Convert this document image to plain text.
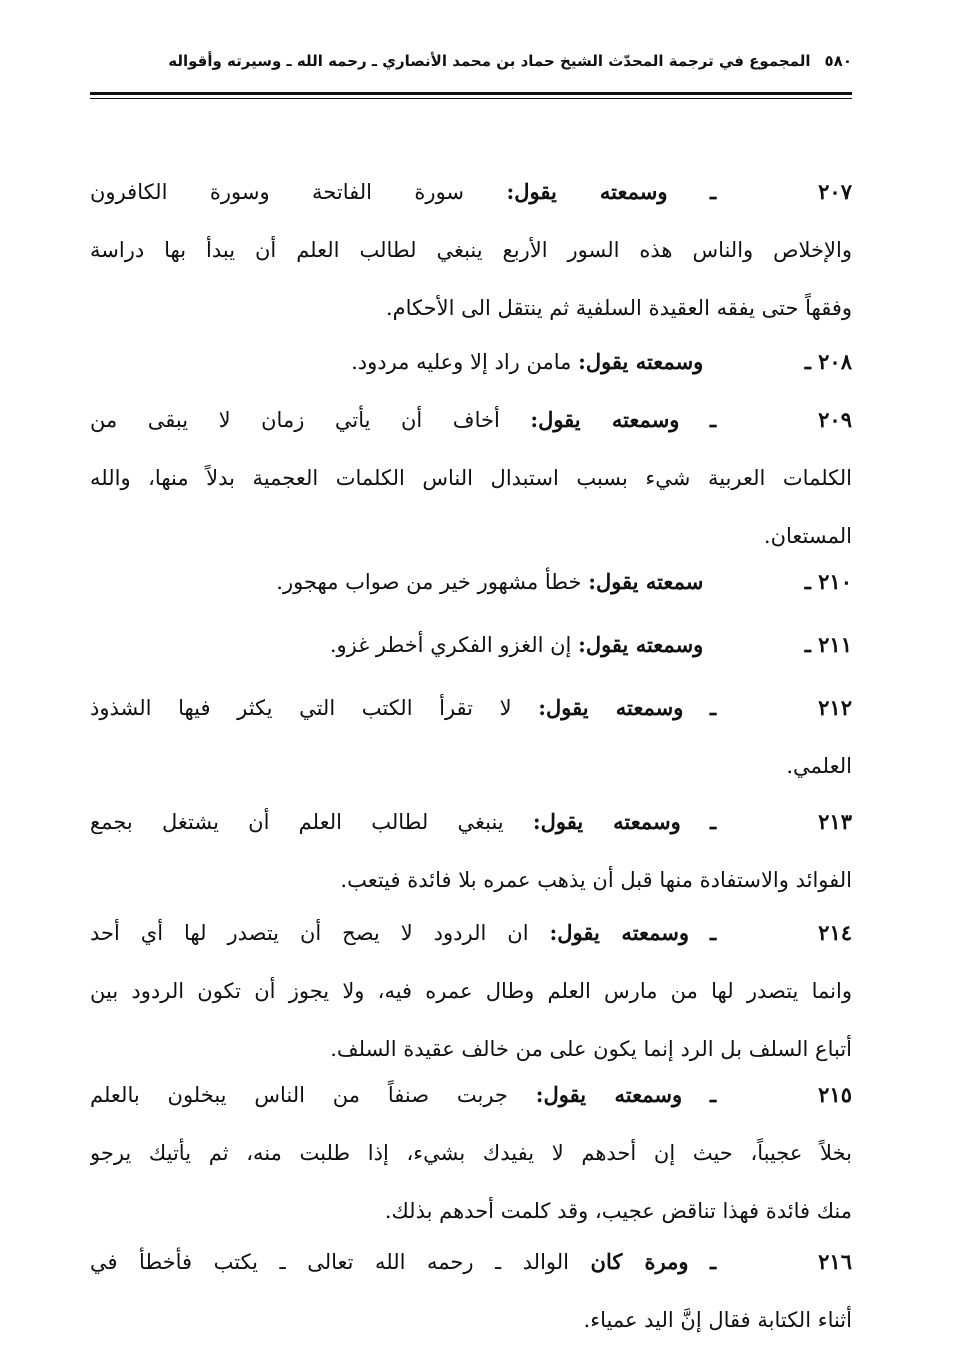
٥٨٠
المجموع في ترجمة المحدّث الشيخ حماد بن محمد الأنصاري ـ رحمه الله ـ وسيرته وأقواله
٢٠٧ ـ وسمعته يقول: سورة الفاتحة وسورة الكافرون
والإخلاص والناس هذه السور الأربع ينبغي لطالب العلم أن يبدأ بها دراسة
وفقهاً حتى يفقه العقيدة السلفية ثم ينتقل الى الأحكام.
٢٠٨ ـ وسمعته يقول: مامن راد إلا وعليه مردود.
٢٠٩ ـ وسمعته يقول: أخاف أن يأتي زمان لا يبقى من
الكلمات العربية شيء بسبب استبدال الناس الكلمات العجمية بدلاً منها، والله
المستعان.
٢١٠ ـ سمعته يقول: خطأ مشهور خير من صواب مهجور.
٢١١ ـ وسمعته يقول: إن الغزو الفكري أخطر غزو.
٢١٢ ـ وسمعته يقول: لا تقرأ الكتب التي يكثر فيها الشذوذ
العلمي.
٢١٣ ـ وسمعته يقول: ينبغي لطالب العلم أن يشتغل بجمع
الفوائد والاستفادة منها قبل أن يذهب عمره بلا فائدة فيتعب.
٢١٤ ـ وسمعته يقول: ان الردود لا يصح أن يتصدر لها أي أحد
وانما يتصدر لها من مارس العلم وطال عمره فيه، ولا يجوز أن تكون الردود بين
أتباع السلف بل الرد إنما يكون على من خالف عقيدة السلف.
٢١٥ ـ وسمعته يقول: جربت صنفاً من الناس يبخلون بالعلم
بخلاً عجيباً، حيث إن أحدهم لا يفيدك بشيء، إذا طلبت منه، ثم يأتيك يرجو
منك فائدة فهذا تناقض عجيب، وقد كلمت أحدهم بذلك.
٢١٦ ـ ومرة كان الوالد ـ رحمه الله تعالى ـ يكتب فأخطأ في
أثناء الكتابة فقال إنَّ اليد عمياء.
